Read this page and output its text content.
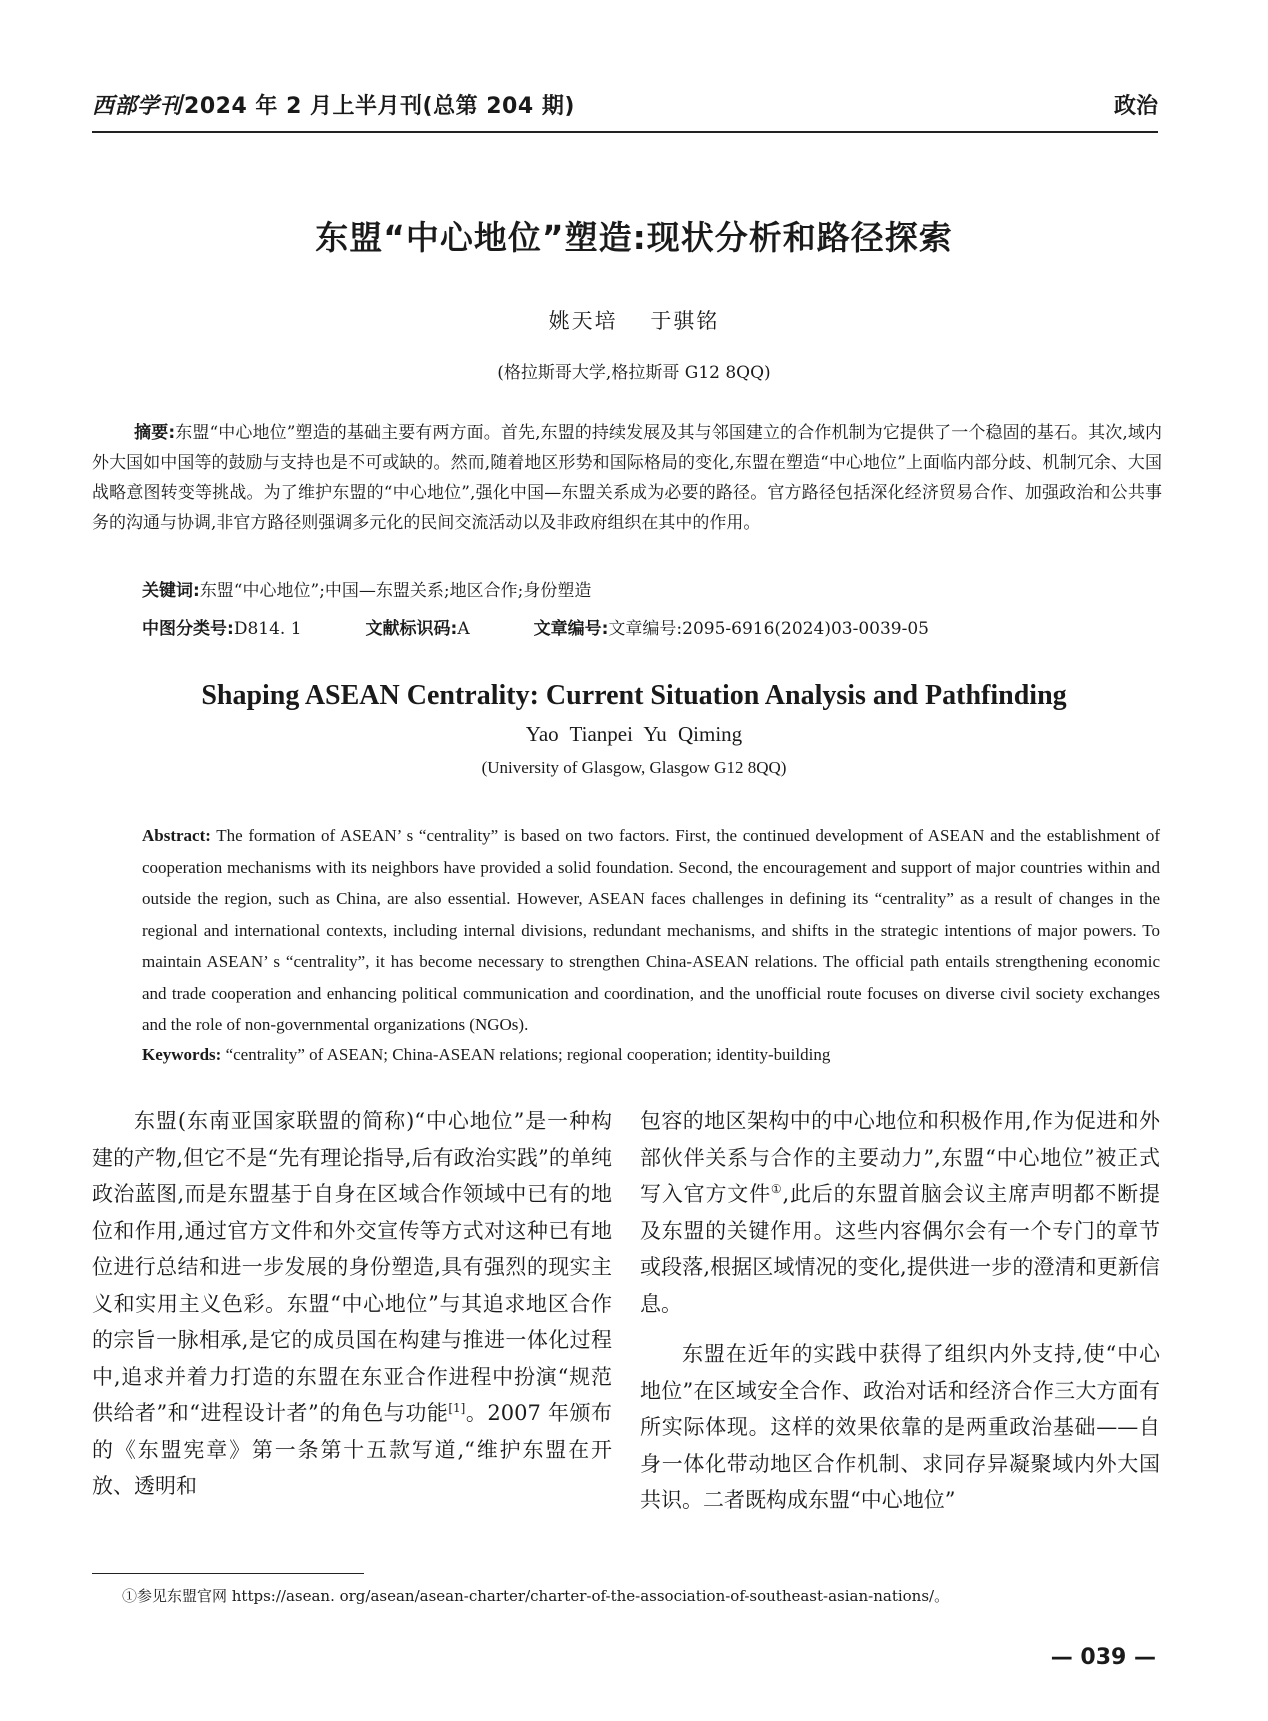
西部学刊2024 年 2 月上半月刊(总第 204 期)	政治
东盟“中心地位”塑造:现状分析和路径探索
姚天培 于骐铭
(格拉斯哥大学,格拉斯哥 G12 8QQ)
摘要:东盟“中心地位”塑造的基础主要有两方面。首先,东盟的持续发展及其与邻国建立的合作机制为它提供了一个稳固的基石。其次,域内外大国如中国等的鼓励与支持也是不可或缺的。然而,随着地区形势和国际格局的变化,东盟在塑造“中心地位”上面临内部分歧、机制冗余、大国战略意图转变等挑战。为了维护东盟的“中心地位”,强化中国—东盟关系成为必要的路径。官方路径包括深化经济贸易合作、加强政治和公共事务的沟通与协调,非官方路径则强调多元化的民间交流活动以及非政府组织在其中的作用。
关键词:东盟“中心地位”;中国—东盟关系;地区合作;身份塑造
中图分类号:D814. 1	文献标识码:A	文章编号:文章编号:2095-6916(2024)03-0039-05
Shaping ASEAN Centrality: Current Situation Analysis and Pathfinding
Yao Tianpei Yu Qiming
(University of Glasgow, Glasgow G12 8QQ)
Abstract: The formation of ASEAN’ s “centrality” is based on two factors. First, the continued development of ASEAN and the establishment of cooperation mechanisms with its neighbors have provided a solid foundation. Second, the encouragement and support of major countries within and outside the region, such as China, are also essential. However, ASEAN faces challenges in defining its “centrality” as a result of changes in the regional and international contexts, including internal divisions, redundant mechanisms, and shifts in the strategic intentions of major powers. To maintain ASEAN’ s “centrality”, it has become necessary to strengthen China-ASEAN relations. The official path entails strengthening economic and trade cooperation and enhancing political communication and coordination, and the unofficial route focuses on diverse civil society exchanges and the role of non-governmental organizations (NGOs).
Keywords: “centrality” of ASEAN; China-ASEAN relations; regional cooperation; identity-building

东盟(东南亚国家联盟的简称)“中心地位”是一种构建的产物,但它不是“先有理论指导,后有政治实践”的单纯政治蓝图,而是东盟基于自身在区域合作领域中已有的地位和作用,通过官方文件和外交宣传等方式对这种已有地位进行总结和进一步发展的身份塑造,具有强烈的现实主义和实用主义色彩。东盟“中心地位”与其追求地区合作的宗旨一脉相承,是它的成员国在构建与推进一体化过程中,追求并着力打造的东盟在东亚合作进程中扮演“规范供给者”和“进程设计者”的角色与功能[1]。2007 年颁布的《东盟宪章》第一条第十五款写道,“维护东盟在开放、透明和

包容的地区架构中的中心地位和积极作用,作为促进和外部伙伴关系与合作的主要动力”,东盟“中心地位”被正式写入官方文件①,此后的东盟首脑会议主席声明都不断提及东盟的关键作用。这些内容偶尔会有一个专门的章节或段落,根据区域情况的变化,提供进一步的澄清和更新信息。

东盟在近年的实践中获得了组织内外支持,使“中心地位”在区域安全合作、政治对话和经济合作三大方面有所实际体现。这样的效果依靠的是两重政治基础——自身一体化带动地区合作机制、求同存异凝聚域内外大国共识。二者既构成东盟“中心地位”

①参见东盟官网 https://asean. org/asean/asean-charter/charter-of-the-association-of-southeast-asian-nations/。
— 039 —
